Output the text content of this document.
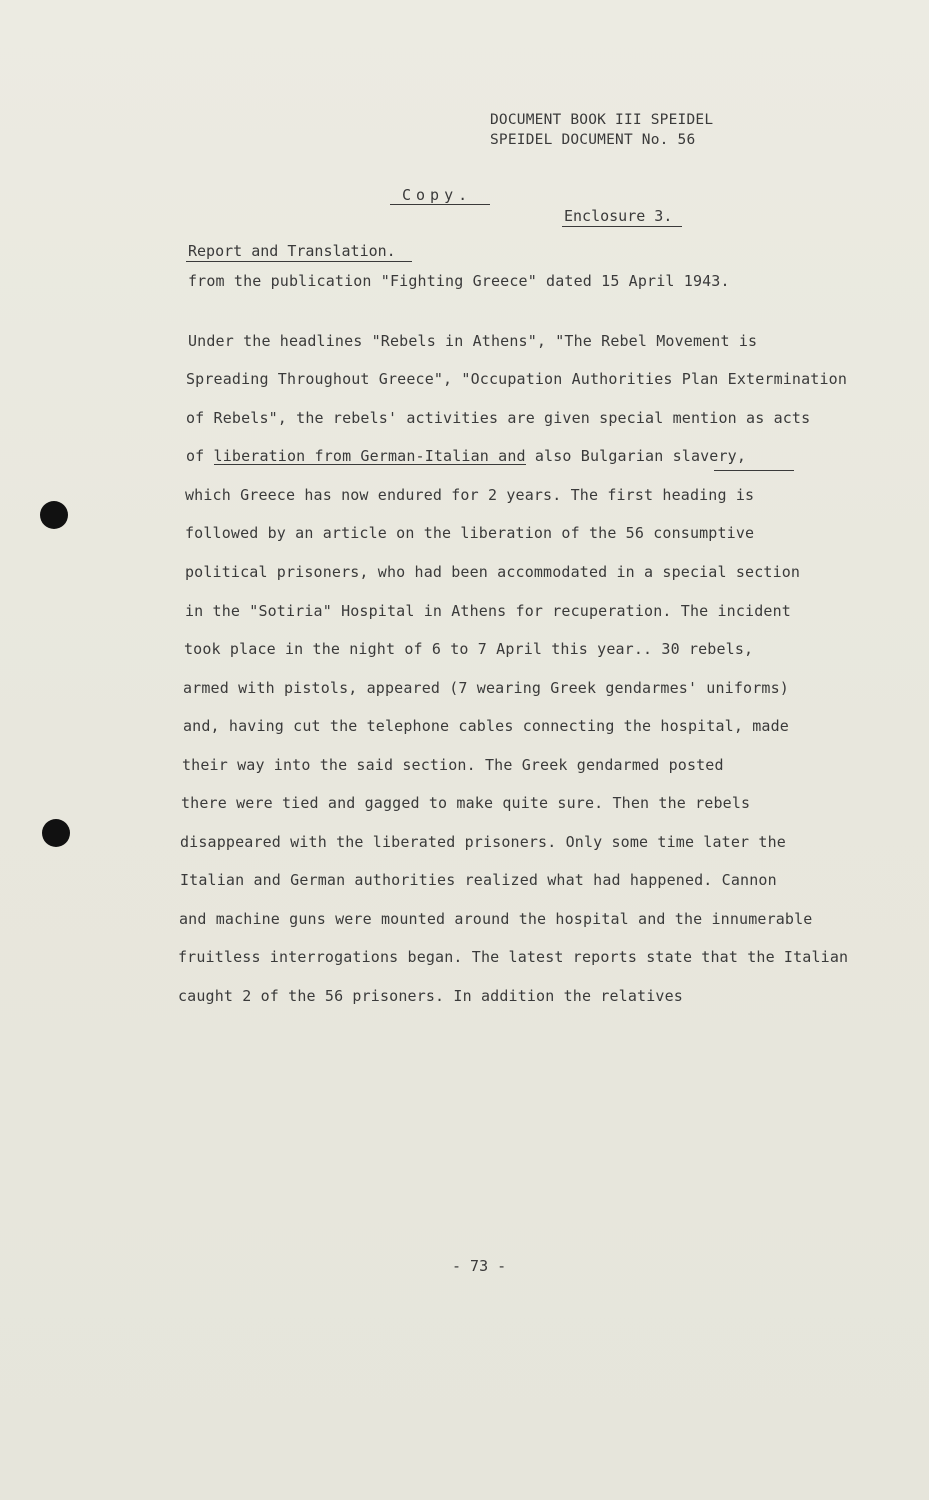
DOCUMENT BOOK III SPEIDEL
SPEIDEL DOCUMENT No. 56
Copy.
Enclosure 3.
Report and Translation.
from the publication "Fighting Greece" dated 15 April 1943.
Under the headlines "Rebels in Athens", "The Rebel Movement is
Spreading Throughout Greece", "Occupation Authorities Plan Extermination
of Rebels", the rebels' activities are given special mention as acts
of liberation from German-Italian and also Bulgarian slavery,
which Greece has now endured for 2 years. The first heading is
followed by an article on the liberation of the 56 consumptive
political prisoners, who had been accommodated in a special section
in the "Sotiria" Hospital in Athens for recuperation. The incident
took place in the night of 6 to 7 April this year.. 30 rebels,
armed with pistols, appeared (7 wearing Greek gendarmes' uniforms)
and, having cut the telephone cables connecting the hospital, made
their way into the said section. The Greek gendarmed posted
there were tied and gagged to make quite sure. Then the rebels
disappeared with the liberated prisoners. Only some time later the
Italian and German authorities realized what had happened. Cannon
and machine guns were mounted around the hospital and the innumerable
fruitless interrogations began. The latest reports state that the Italian
caught 2 of the 56 prisoners. In addition the relatives
- 73 -
